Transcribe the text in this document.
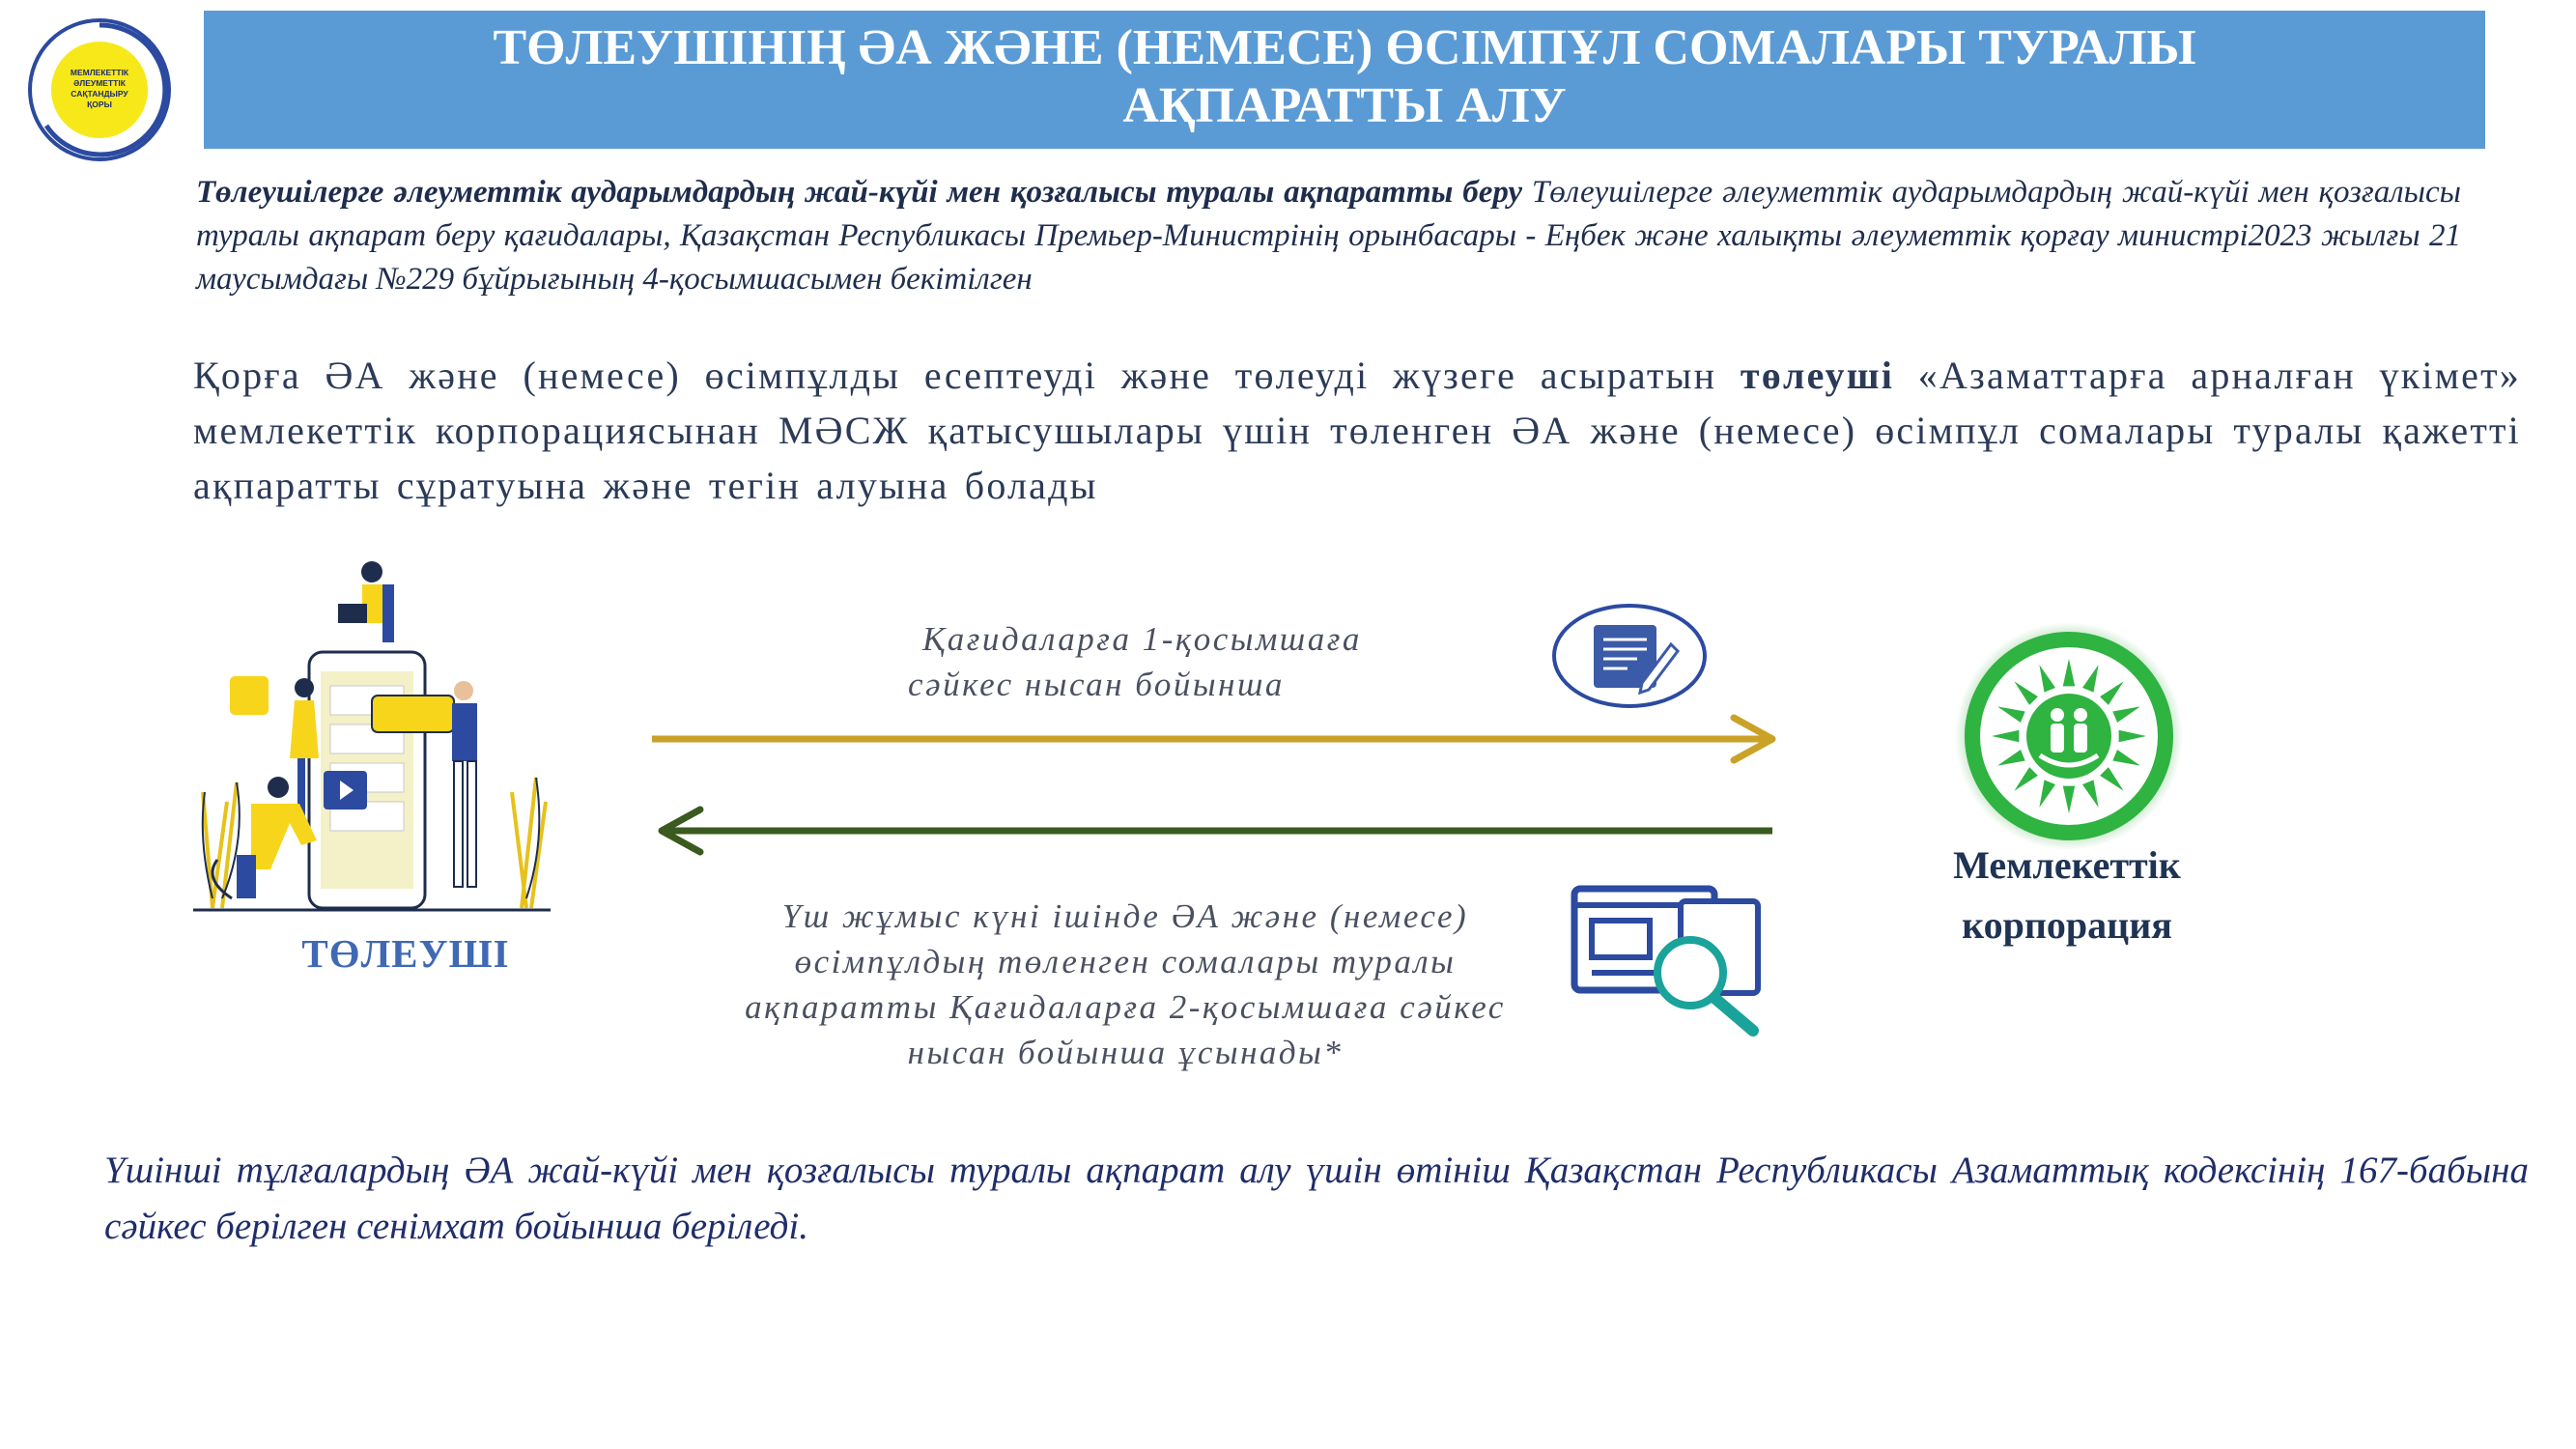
МЕМЛЕКЕТТІК
ӘЛЕУМЕТТІК
САҚТАНДЫРУ
ҚОРЫ
ТӨЛЕУШІНІҢ ӘА ЖӘНЕ (НЕМЕСЕ) ӨСІМПҰЛ СОМАЛАРЫ ТУРАЛЫ
АҚПАРАТТЫ АЛУ
Төлеушілерге әлеуметтік аударымдардың жай-күйі мен қозғалысы туралы ақпаратты беру Төлеушілерге әлеуметтік аударымдардың жай-күйі мен қозғалысы туралы ақпарат беру қағидалары, Қазақстан Республикасы Премьер-Министрінің орынбасары - Еңбек және халықты әлеуметтік қорғау министрі2023 жылғы 21 маусымдағы №229 бұйрығының 4-қосымшасымен бекітілген
Қорға ӘА және (немесе) өсімпұлды есептеуді және төлеуді жүзеге асыратын төлеуші «Азаматтарға арналған үкімет» мемлекеттік корпорациясынан МӘСЖ қатысушылары үшін төленген ӘА және (немесе) өсімпұл сомалары туралы қажетті ақпаратты сұратуына және тегін алуына болады
ТӨЛЕУШІ
Қағидаларға 1-қосымшаға
сәйкес нысан бойынша
Үш жұмыс күні ішінде ӘА және (немесе)
өсімпұлдың төленген сомалары туралы
ақпаратты Қағидаларға 2-қосымшаға сәйкес
нысан бойынша ұсынады*
Мемлекеттік
корпорация
Үшінші тұлғалардың ӘА жай-күйі мен қозғалысы туралы ақпарат алу үшін өтініш Қазақстан Республикасы Азаматтық кодексінің 167-бабына сәйкес берілген сенімхат бойынша беріледі.
